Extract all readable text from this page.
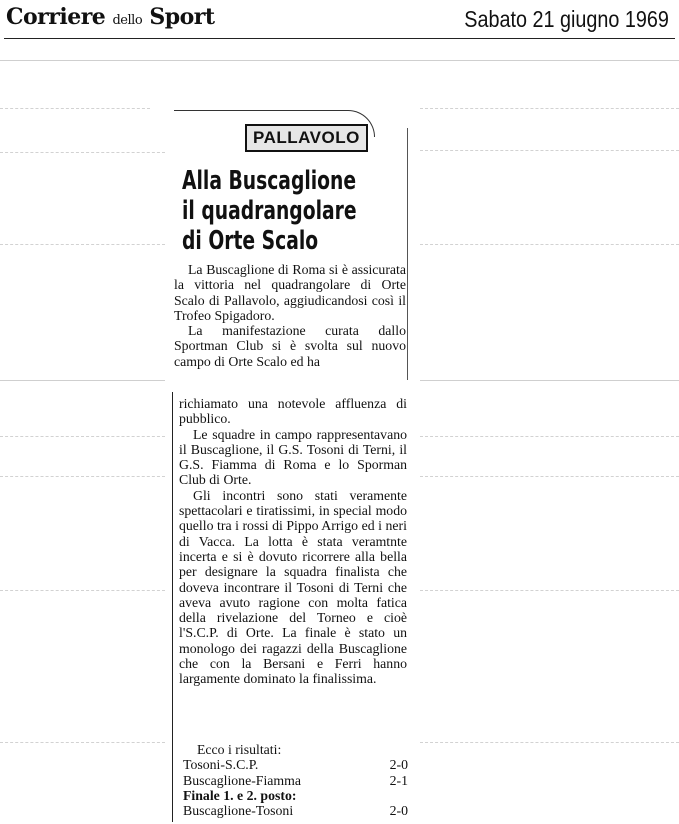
Corriere dello Sport	Sabato 21 giugno 1969
PALLAVOLO
Alla Buscaglione
il quadrangolare
di Orte Scalo

La Buscaglione di Roma si è assicurata la vittoria nel quadrangolare di Orte Scalo di Pallavolo, aggiudicandosi così il Trofeo Spigadoro.

La manifestazione curata dallo Sportman Club si è svolta sul nuovo campo di Orte Scalo ed ha

richiamato una notevole affluenza di pubblico.

Le squadre in campo rappresentavano il Buscaglione, il G.S. Tosoni di Terni, il G.S. Fiamma di Roma e lo Sporman Club di Orte.

Gli incontri sono stati veramente spettacolari e tiratissimi, in special modo quello tra i rossi di Pippo Arrigo ed i neri di Vacca. La lotta è stata veramtnte incerta e si è dovuto ricorrere alla bella per designare la squadra finalista che doveva incontrare il Tosoni di Terni che aveva avuto ragione con molta fatica della rivelazione del Torneo e cioè l'S.C.P. di Orte. La finale è stato un monologo dei ragazzi della Buscaglione che con la Bersani e Ferri hanno largamente dominato la finalissima.

Ecco i risultati:
Tosoni-S.C.P.	2-0
Buscaglione-Fiamma	2-1
Finale 1. e 2. posto:
Buscaglione-Tosoni	2-0
